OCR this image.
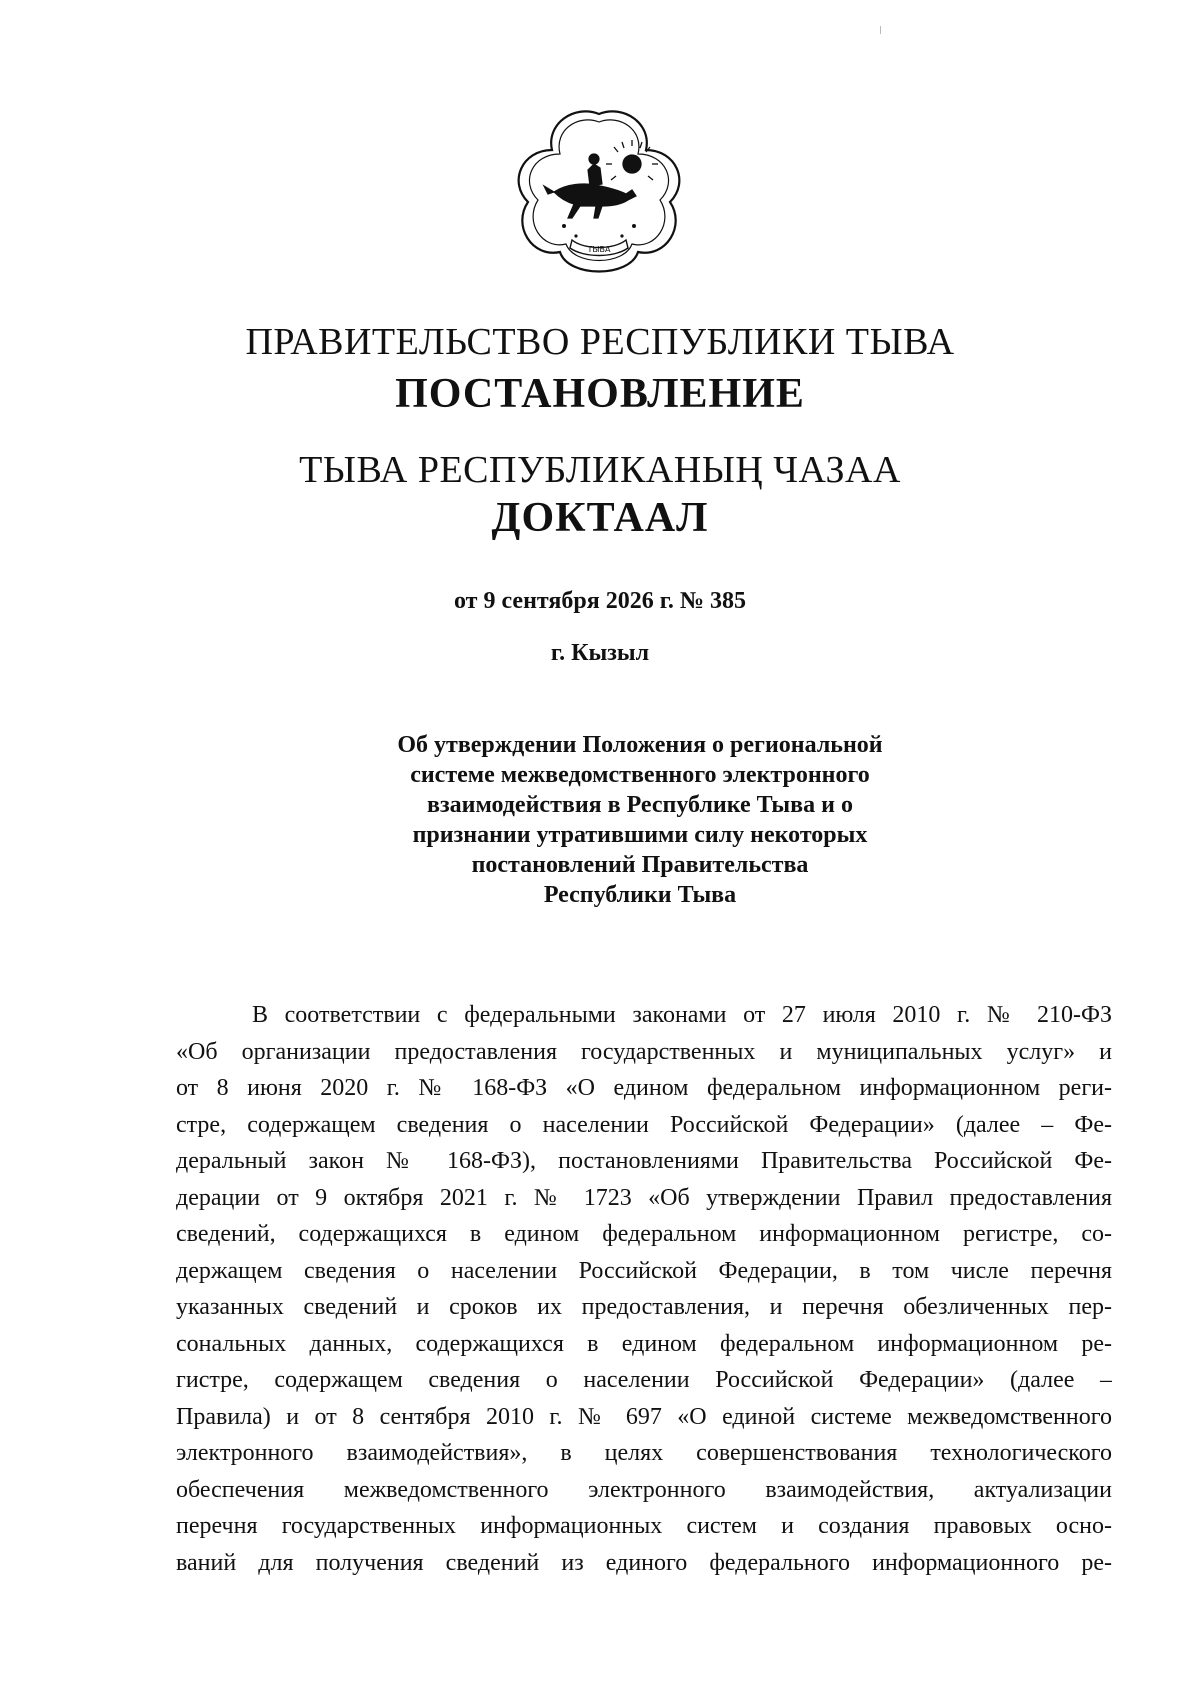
ТЫВА
ПРАВИТЕЛЬСТВО РЕСПУБЛИКИ ТЫВА
ПОСТАНОВЛЕНИЕ
ТЫВА РЕСПУБЛИКАНЫҢ ЧАЗАА
ДОКТААЛ
от 9 сентября 2026 г. № 385
г. Кызыл
Об утверждении Положения о региональной
системе межведомственного электронного
взаимодействия в Республике Тыва и о
признании утратившими силу некоторых
постановлений Правительства
Республики Тыва
В соответствии с федеральными законами от 27 июля 2010 г. № 210-ФЗ
«Об организации предоставления государственных и муниципальных услуг» и
от 8 июня 2020 г. № 168-ФЗ «О едином федеральном информационном реги-
стре, содержащем сведения о населении Российской Федерации» (далее – Фе-
деральный закон № 168-ФЗ), постановлениями Правительства Российской Фе-
дерации от 9 октября 2021 г. № 1723 «Об утверждении Правил предоставления
сведений, содержащихся в едином федеральном информационном регистре, со-
держащем сведения о населении Российской Федерации, в том числе перечня
указанных сведений и сроков их предоставления, и перечня обезличенных пер-
сональных данных, содержащихся в едином федеральном информационном ре-
гистре, содержащем сведения о населении Российской Федерации» (далее –
Правила) и от 8 сентября 2010 г. № 697 «О единой системе межведомственного
электронного взаимодействия», в целях совершенствования технологического
обеспечения межведомственного электронного взаимодействия, актуализации
перечня государственных информационных систем и создания правовых осно-
ваний для получения сведений из единого федерального информационного ре-
